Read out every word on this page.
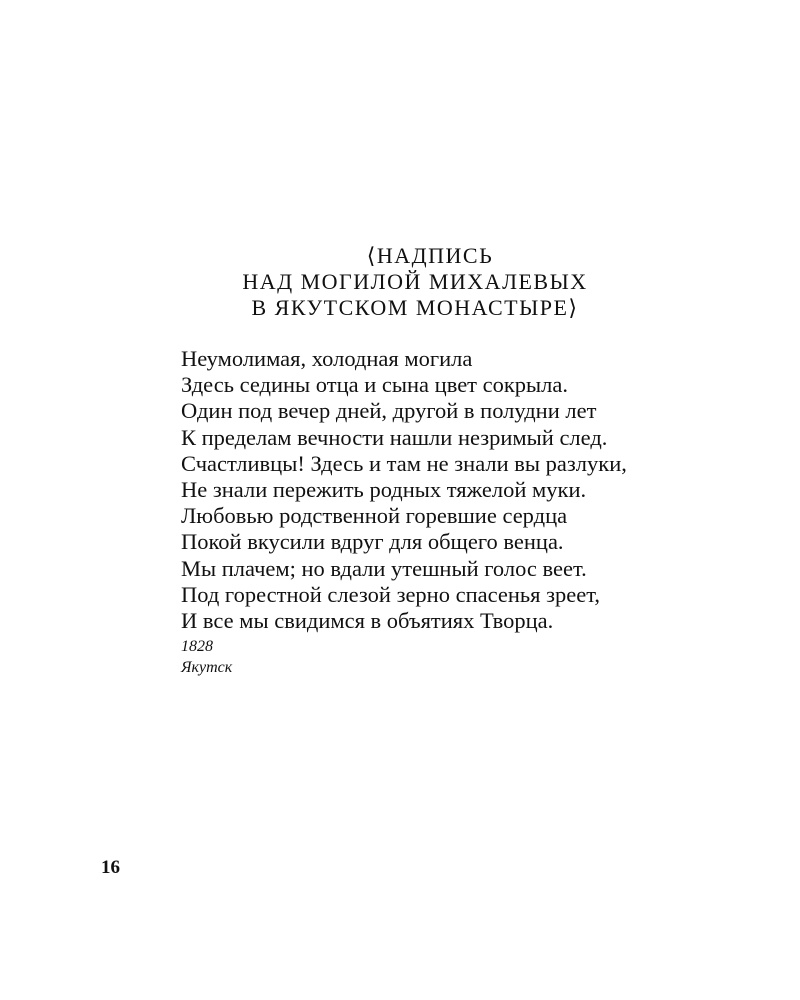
⟨НАДПИСЬ
НАД МОГИЛОЙ МИХАЛЕВЫХ
В ЯКУТСКОМ МОНАСТЫРЕ⟩
Неумолимая, холодная могила
Здесь седины отца и сына цвет сокрыла.
Один под вечер дней, другой в полудни лет
К пределам вечности нашли незримый след.
Счастливцы! Здесь и там не знали вы разлуки,
Не знали пережить родных тяжелой муки.
Любовью родственной горевшие сердца
Покой вкусили вдруг для общего венца.
Мы плачем; но вдали утешный голос веет.
Под горестной слезой зерно спасенья зреет,
И все мы свидимся в объятиях Творца.
1828
Якутск
16
